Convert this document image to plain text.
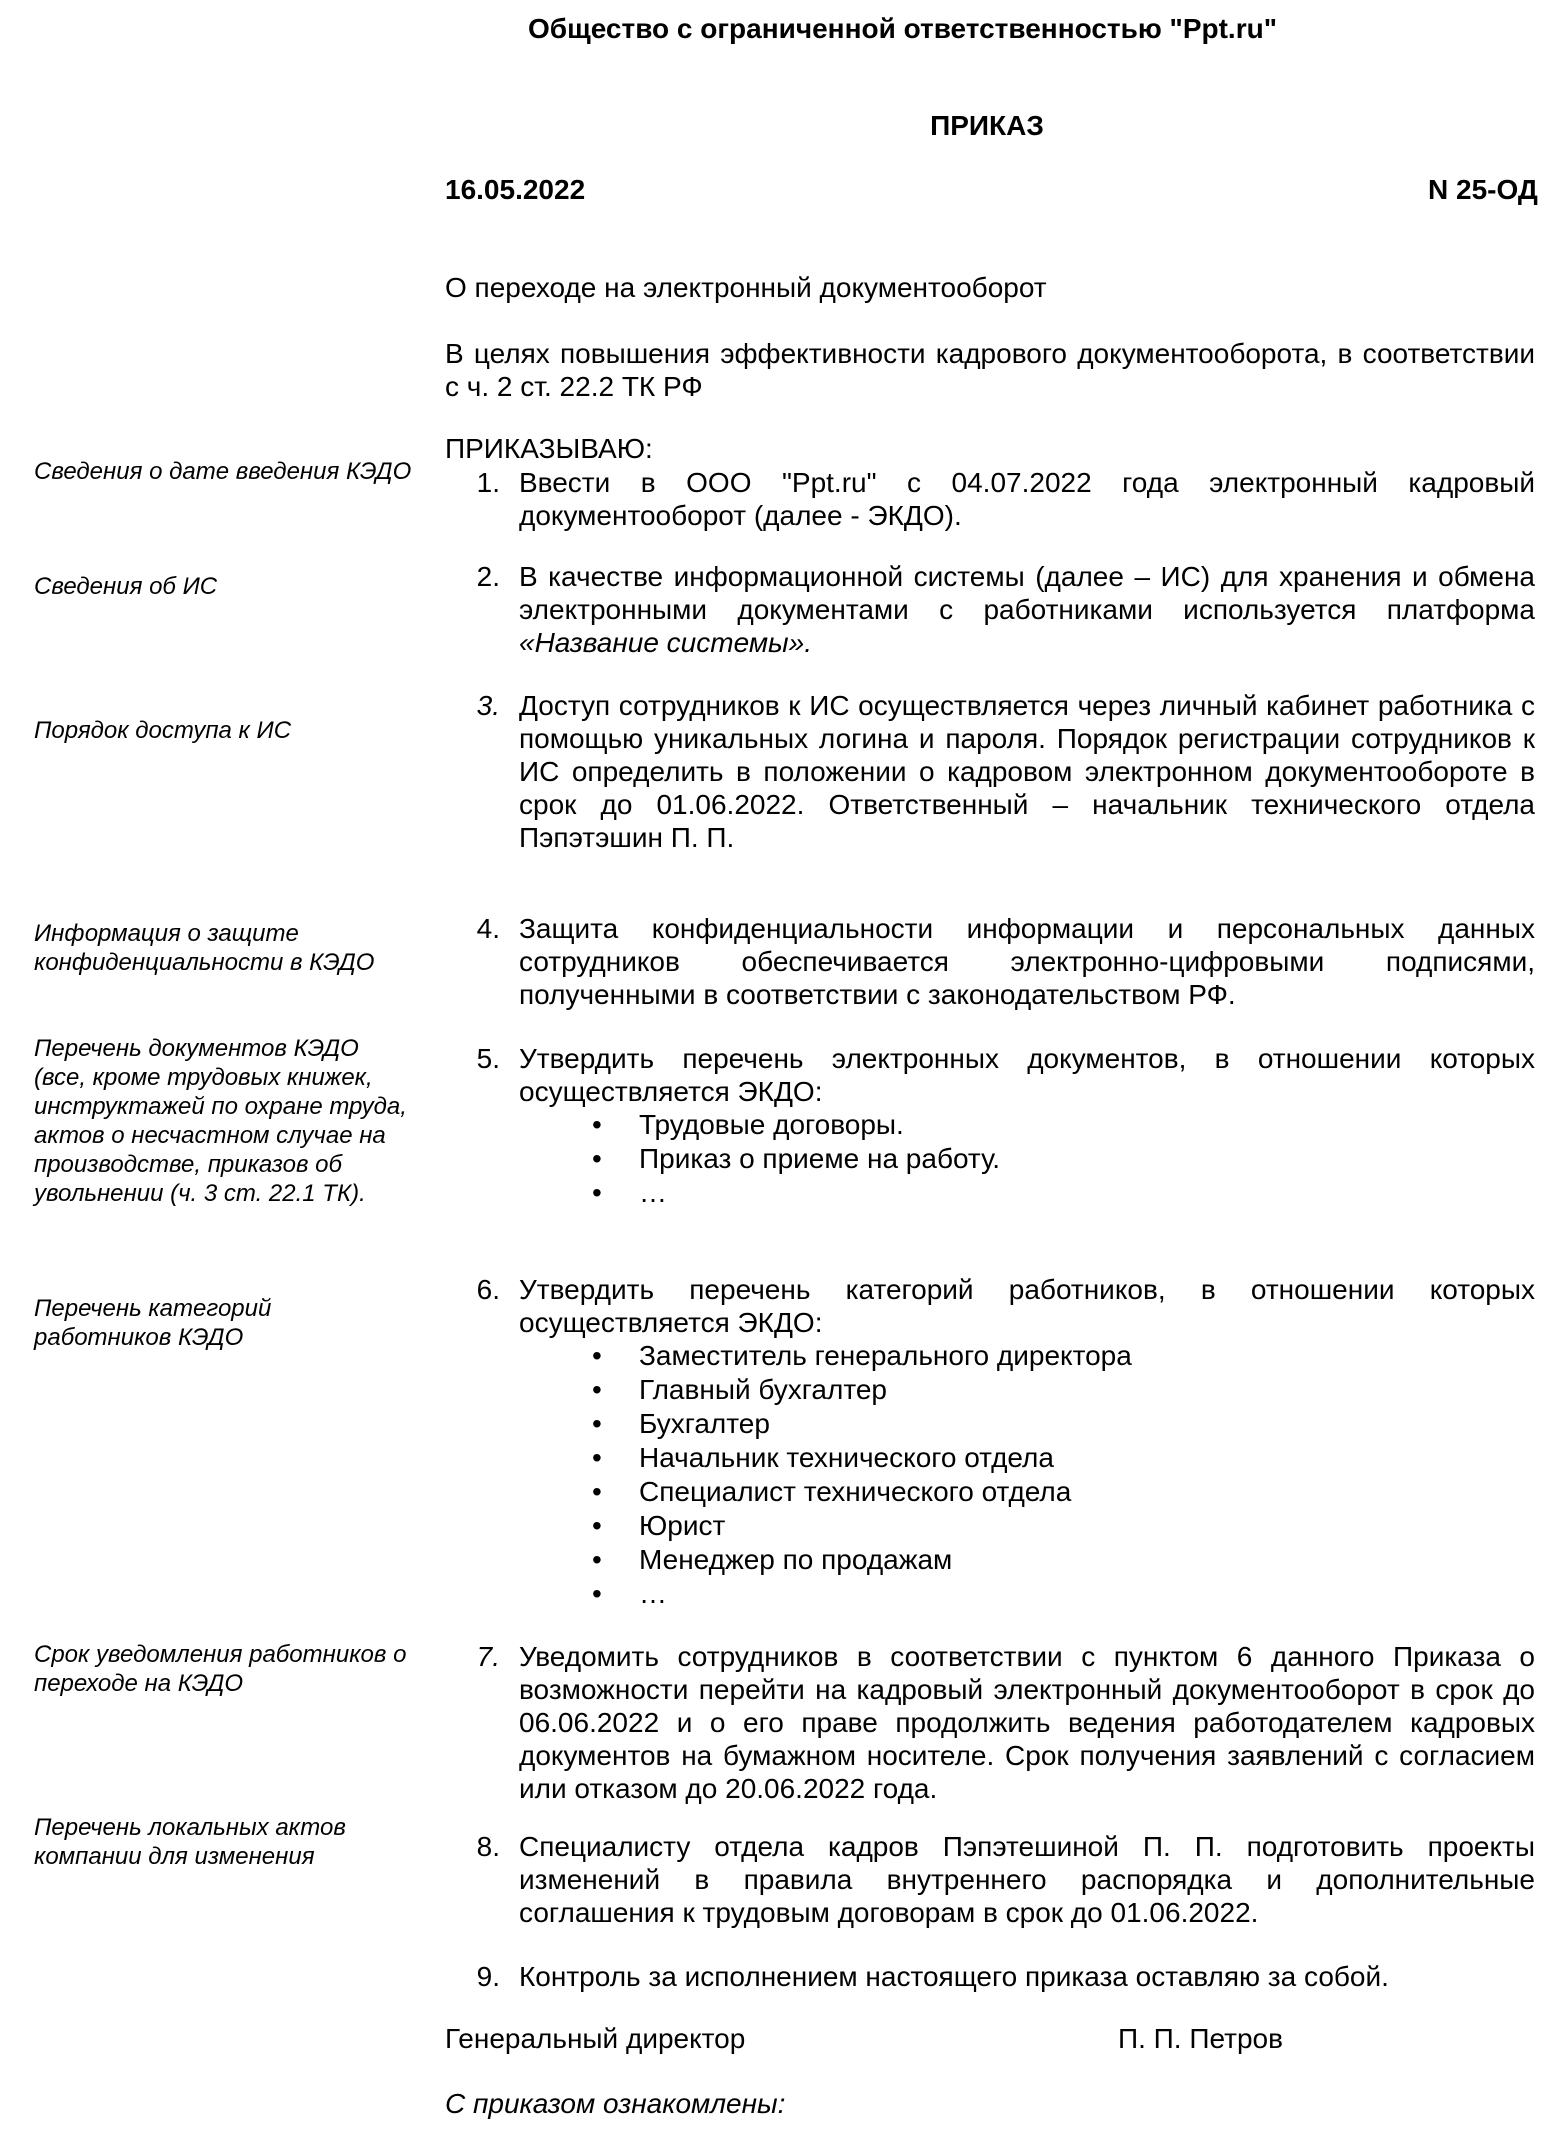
Общество с ограниченной ответственностью "Ppt.ru"

ПРИКАЗ

16.05.2022	N 25-ОД

О переходе на электронный документооборот

В целях повышения эффективности кадрового документооборота, в соответствии с ч. 2 ст. 22.2 ТК РФ

ПРИКАЗЫВАЮ:

Сведения о дате введения КЭДО

Сведения об ИС

Порядок доступа к ИС

Информация о защите конфиденциальности в КЭДО

Перечень документов КЭДО (все, кроме трудовых книжек, инструктажей по охране труда, актов о несчастном случае на производстве, приказов об увольнении (ч. 3 ст. 22.1 ТК).

Перечень категорий работников КЭДО

Срок уведомления работников о переходе на КЭДО

Перечень локальных актов компании для изменения

1. Ввести в ООО "Ppt.ru" с 04.07.2022 года электронный кадровый документооборот (далее - ЭКДО).
2. В качестве информационной системы (далее – ИС) для хранения и обмена электронными документами с работниками используется платформа «Название системы».
3. Доступ сотрудников к ИС осуществляется через личный кабинет работника с помощью уникальных логина и пароля. Порядок регистрации сотрудников к ИС определить в положении о кадровом электронном документообороте в срок до 01.06.2022. Ответственный – начальник технического отдела Пэпэтэшин П. П.
4. Защита конфиденциальности информации и персональных данных сотрудников обеспечивается электронно-цифровыми подписями, полученными в соответствии с законодательством РФ.
5. Утвердить перечень электронных документов, в отношении которых осуществляется ЭКДО:
• Трудовые договоры.
• Приказ о приеме на работу.
• …
6. Утвердить перечень категорий работников, в отношении которых осуществляется ЭКДО:
• Заместитель генерального директора
• Главный бухгалтер
• Бухгалтер
• Начальник технического отдела
• Специалист технического отдела
• Юрист
• Менеджер по продажам
• …
7. Уведомить сотрудников в соответствии с пунктом 6 данного Приказа о возможности перейти на кадровый электронный документооборот в срок до 06.06.2022 и о его праве продолжить ведения работодателем кадровых документов на бумажном носителе. Срок получения заявлений с согласием или отказом до 20.06.2022 года.
8. Специалисту отдела кадров Пэпэтешиной П. П. подготовить проекты изменений в правила внутреннего распорядка и дополнительные соглашения к трудовым договорам в срок до 01.06.2022.
9. Контроль за исполнением настоящего приказа оставляю за собой.

Генеральный директор	П. П. Петров

С приказом ознакомлены:
